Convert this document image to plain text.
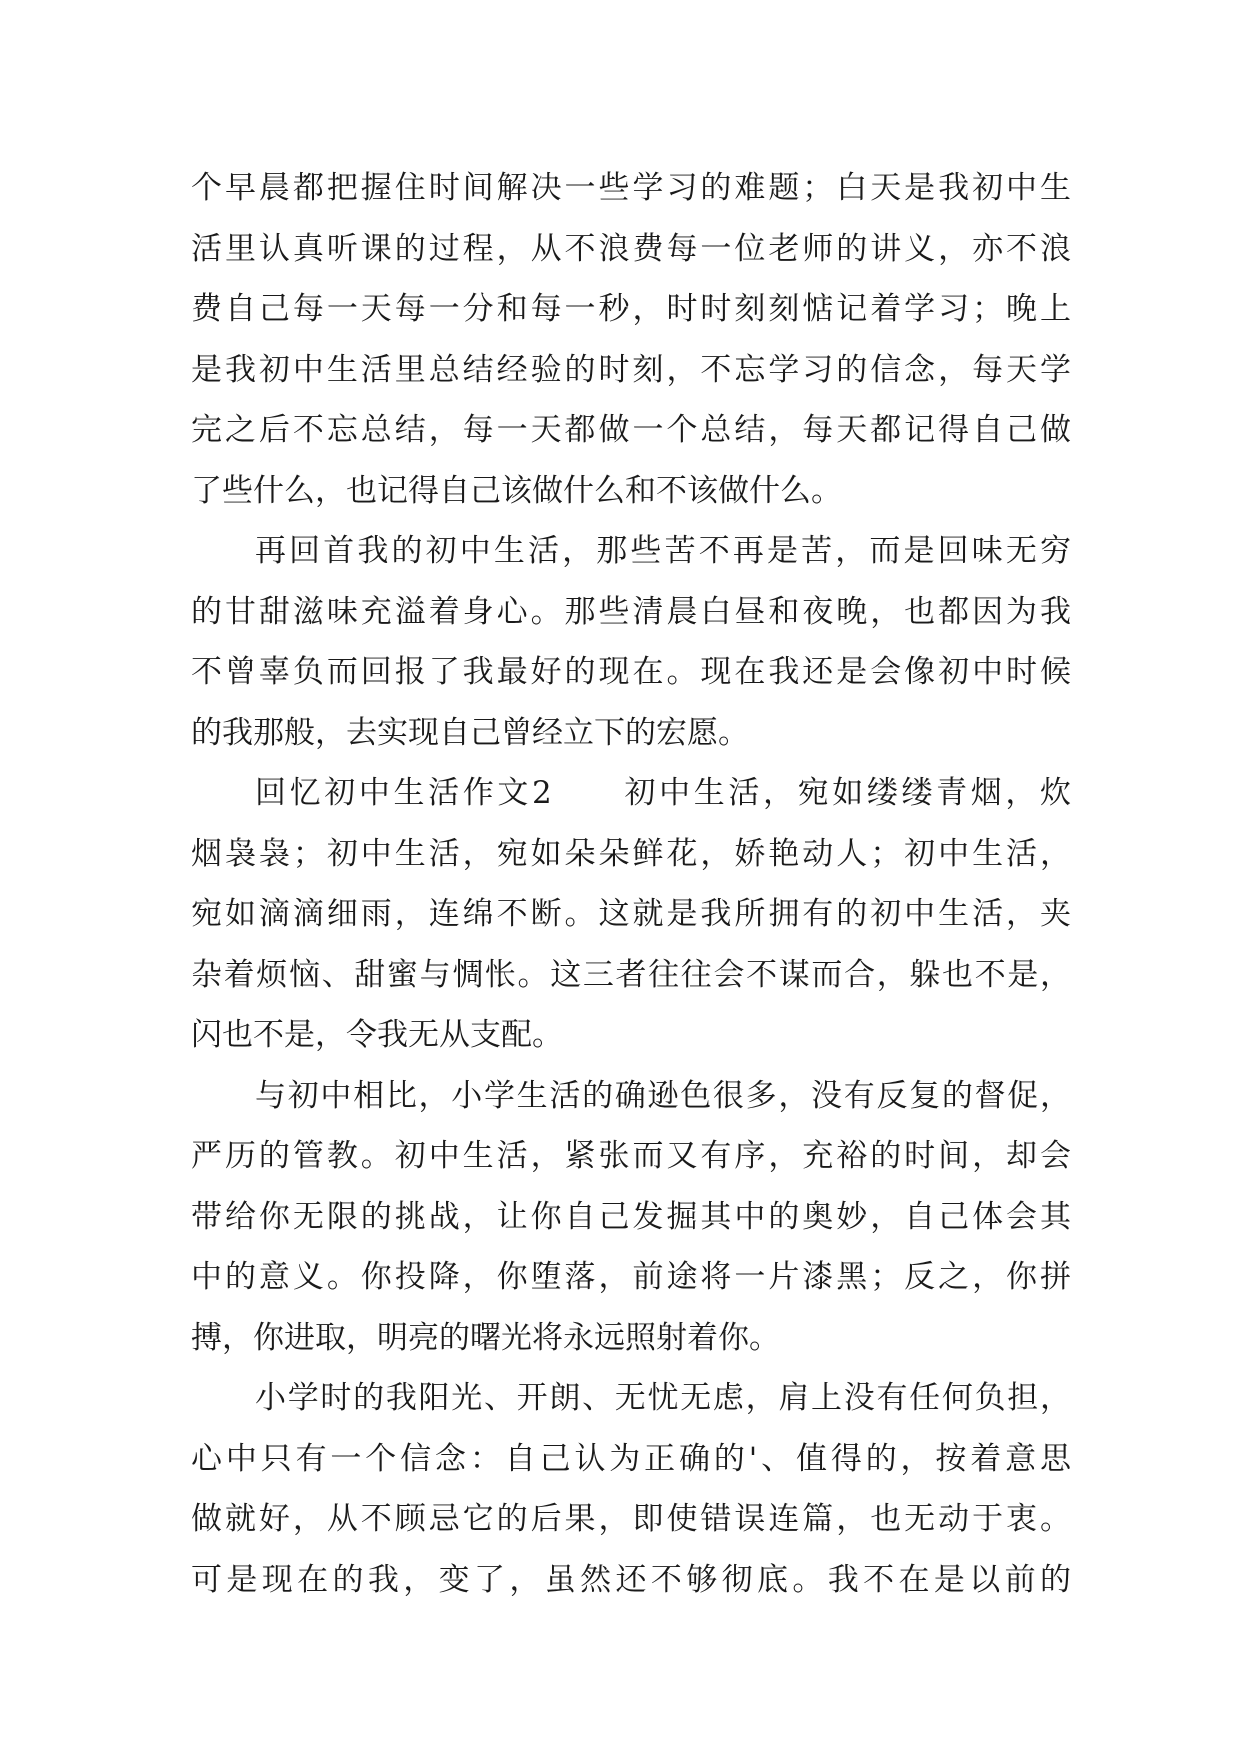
个早晨都把握住时间解决一些学习的难题；白天是我初中生
活里认真听课的过程，从不浪费每一位老师的讲义，亦不浪
费自己每一天每一分和每一秒，时时刻刻惦记着学习；晚上
是我初中生活里总结经验的时刻，不忘学习的信念，每天学
完之后不忘总结，每一天都做一个总结，每天都记得自己做
了些什么，也记得自己该做什么和不该做什么。
再回首我的初中生活，那些苦不再是苦，而是回味无穷
的甘甜滋味充溢着身心。那些清晨白昼和夜晚，也都因为我
不曾辜负而回报了我最好的现在。现在我还是会像初中时候
的我那般，去实现自己曾经立下的宏愿。
回忆初中生活作文2　　初中生活，宛如缕缕青烟，炊
烟袅袅；初中生活，宛如朵朵鲜花，娇艳动人；初中生活，
宛如滴滴细雨，连绵不断。这就是我所拥有的初中生活，夹
杂着烦恼、甜蜜与惆怅。这三者往往会不谋而合，躲也不是，
闪也不是，令我无从支配。
与初中相比，小学生活的确逊色很多，没有反复的督促，
严历的管教。初中生活，紧张而又有序，充裕的时间，却会
带给你无限的挑战，让你自己发掘其中的奥妙，自己体会其
中的意义。你投降，你堕落，前途将一片漆黑；反之，你拼
搏，你进取，明亮的曙光将永远照射着你。
小学时的我阳光、开朗、无忧无虑，肩上没有任何负担，
心中只有一个信念：自己认为正确的'、值得的，按着意思
做就好，从不顾忌它的后果，即使错误连篇，也无动于衷。
可是现在的我，变了，虽然还不够彻底。我不在是以前的
